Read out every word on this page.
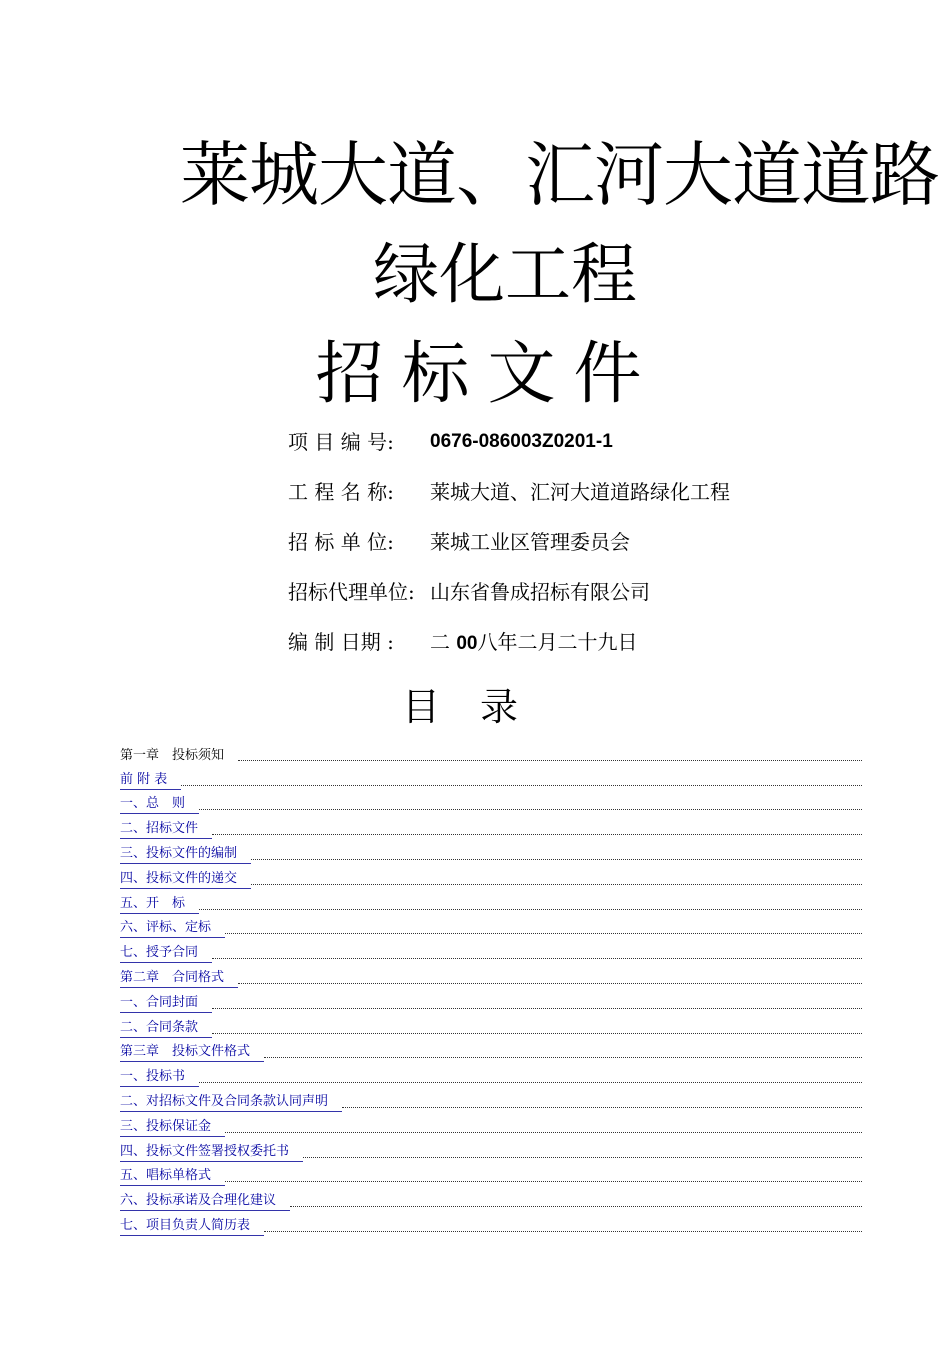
莱城大道、汇河大道道路
绿化工程
招标文件
项 目 编 号:	0676-086003Z0201-1
工 程 名 称:	莱城大道、汇河大道道路绿化工程
招 标 单 位:	莱城工业区管理委员会
招标代理单位: 山东省鲁成招标有限公司
编 制 日期 :	二 00八年二月二十九日
目录
第一章　投标须知
前 附 表
一、总　则
二、招标文件
三、投标文件的编制
四、投标文件的递交
五、开　标
六、评标、定标
七、授予合同
第二章　合同格式
一、合同封面
二、合同条款
第三章　投标文件格式
一、投标书
二、对招标文件及合同条款认同声明
三、投标保证金
四、投标文件签署授权委托书
五、唱标单格式
六、投标承诺及合理化建议
七、项目负责人简历表
